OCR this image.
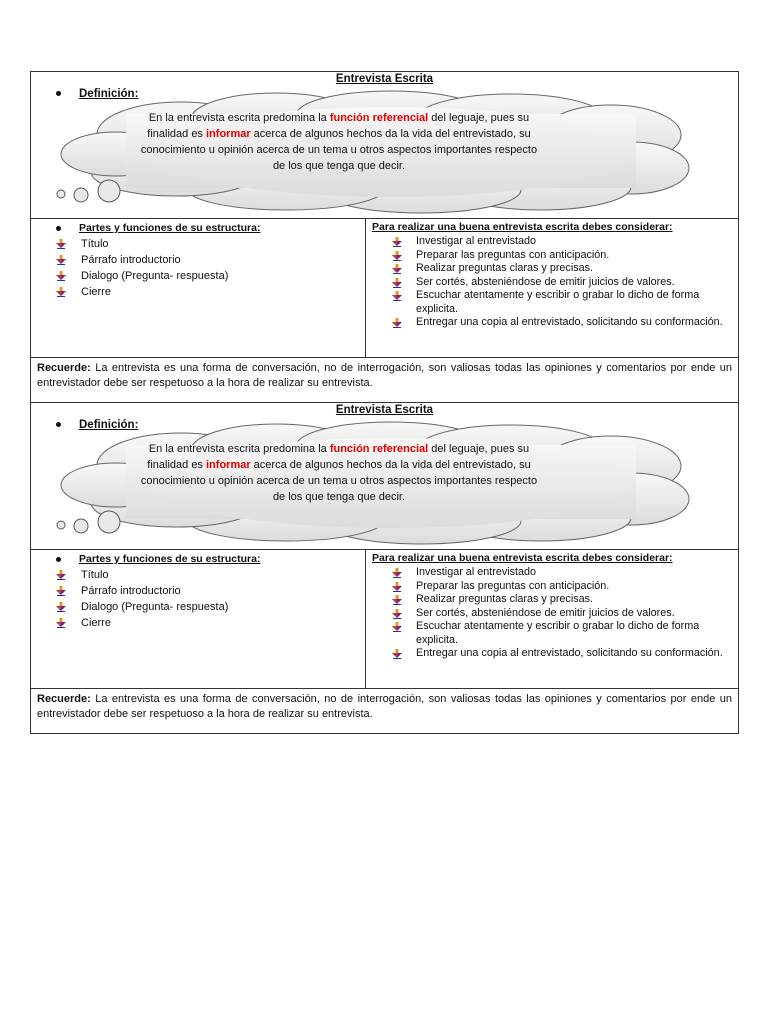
Entrevista Escrita
Definición:
En la entrevista escrita predomina la función referencial del leguaje, pues su finalidad es informar acerca de algunos hechos da la vida del entrevistado, su conocimiento u opinión acerca de un tema u otros aspectos importantes respecto de los que tenga que decir.
Partes y funciones de su estructura:
Título
Párrafo introductorio
Dialogo (Pregunta- respuesta)
Cierre
Para realizar una buena entrevista escrita debes considerar:
Investigar al entrevistado
Preparar las preguntas con anticipación.
Realizar preguntas claras y precisas.
Ser cortés, absteniéndose de emitir juicios de valores.
Escuchar atentamente y escribir o grabar lo dicho de forma explicita.
Entregar una copia al entrevistado, solicitando su conformación.
Recuerde: La entrevista es una forma de conversación, no de interrogación, son valiosas todas las opiniones y comentarios por ende un entrevistador debe ser respetuoso a la hora de realizar su entrevista.
Entrevista Escrita
Definición:
En la entrevista escrita predomina la función referencial del leguaje, pues su finalidad es informar acerca de algunos hechos da la vida del entrevistado, su conocimiento u opinión acerca de un tema u otros aspectos importantes respecto de los que tenga que decir.
Partes y funciones de su estructura:
Título
Párrafo introductorio
Dialogo (Pregunta- respuesta)
Cierre
Para realizar una buena entrevista escrita debes considerar:
Investigar al entrevistado
Preparar las preguntas con anticipación.
Realizar preguntas claras y precisas.
Ser cortés, absteniéndose de emitir juicios de valores.
Escuchar atentamente y escribir o grabar lo dicho de forma explicita.
Entregar una copia al entrevistado, solicitando su conformación.
Recuerde: La entrevista es una forma de conversación, no de interrogación, son valiosas todas las opiniones y comentarios por ende un entrevistador debe ser respetuoso a la hora de realizar su entrevista.
